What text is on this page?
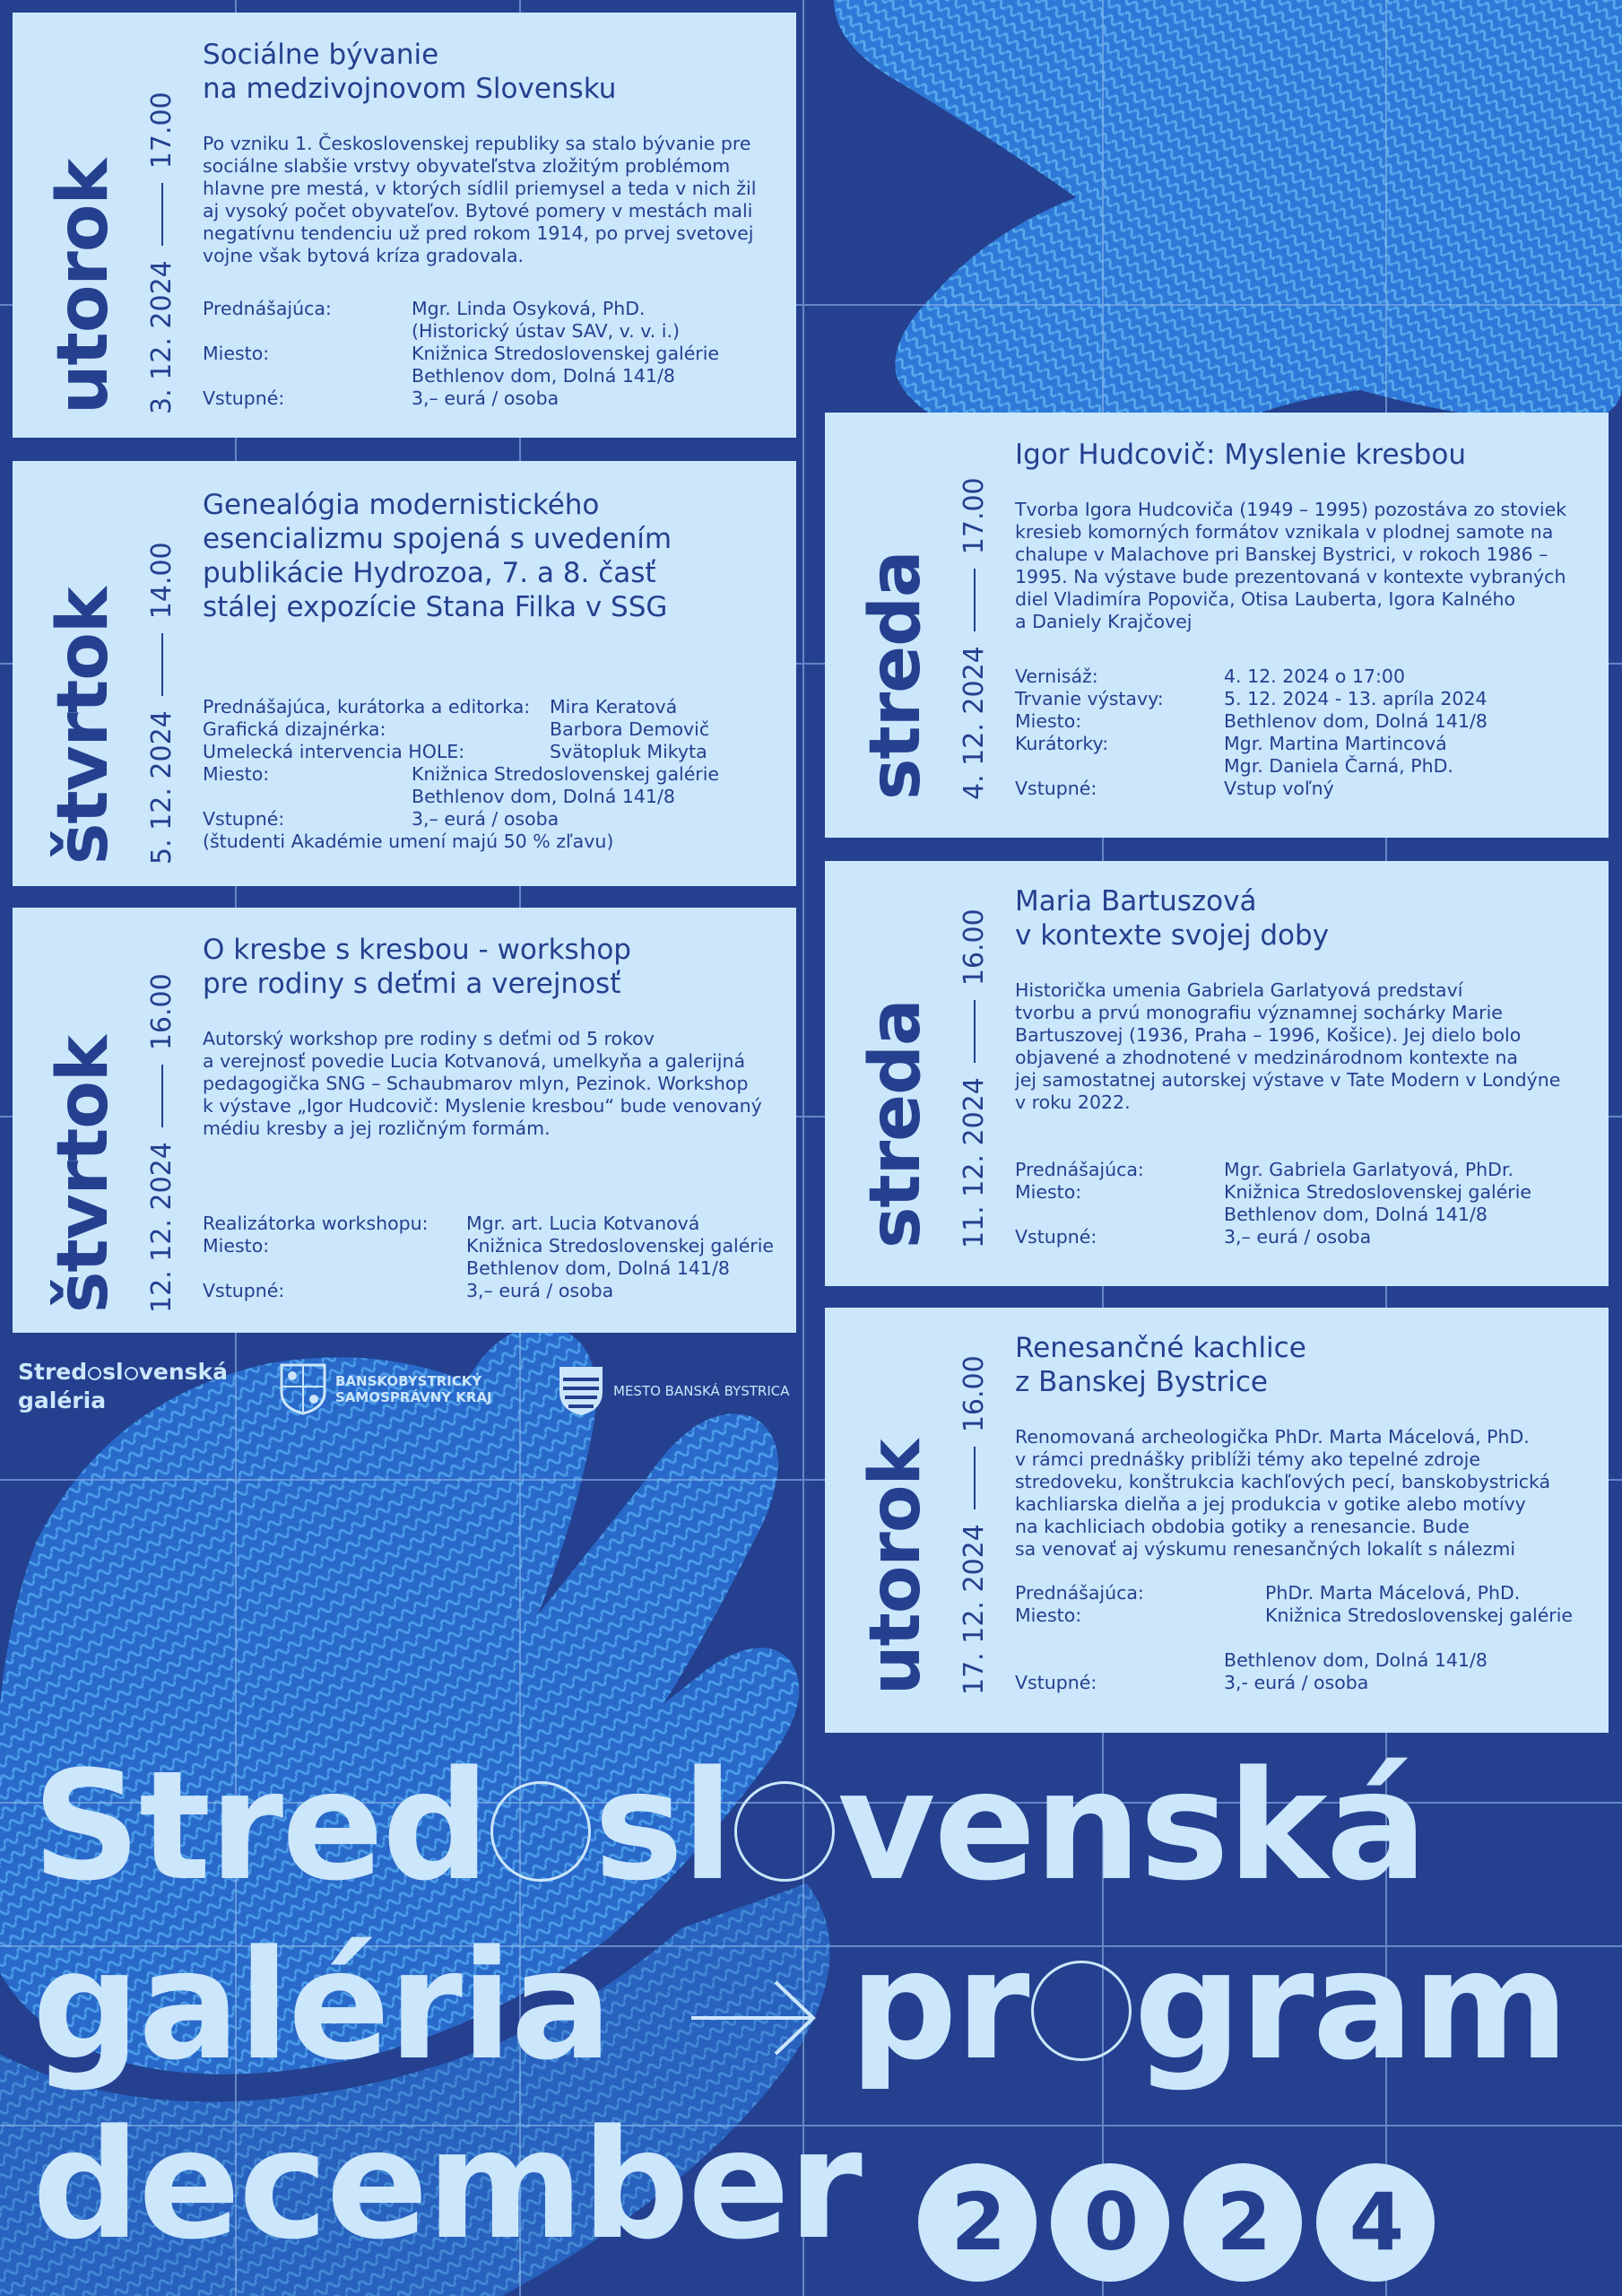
utorok 3. 12. 2024
17.00
Sociálne bývanie
na medzivojnovom Slovensku
Po vzniku 1. Československej republiky sa stalo bývanie pre
sociálne slabšie vrstvy obyvateľstva zložitým problémom
hlavne pre mestá, v ktorých sídlil priemysel a teda v nich žil
aj vysoký počet obyvateľov. Bytové pomery v mestách mali
negatívnu tendenciu už pred rokom 1914, po prvej svetovej
vojne však bytová kríza gradovala.
Prednášajúca:	Mgr. Linda Osyková, PhD.
(Historický ústav SAV, v. v. i.)
Miesto:	Knižnica Stredoslovenskej galérie
Bethlenov dom, Dolná 141/8
Vstupné:	3,– eurá / osoba
štvrtok 5. 12. 2024
14.00
Genealógia modernistického
esencializmu spojená s uvedením
publikácie Hydrozoa, 7. a 8. časť
stálej expozície Stana Filka v SSG
Prednášajúca, kurátorka a editorka: Mira Keratová
Grafická dizajnérka:	Barbora Demovič
Umelecká intervencia HOLE:	Svätopluk Mikyta
Miesto:	Knižnica Stredoslovenskej galérie
Bethlenov dom, Dolná 141/8
Vstupné:	3,– eurá / osoba
(študenti Akadémie umení majú 50 % zľavu)
štvrtok 12. 12. 2024
16.00
O kresbe s kresbou - workshop
pre rodiny s deťmi a verejnosť
Autorský workshop pre rodiny s deťmi od 5 rokov
a verejnosť povedie Lucia Kotvanová, umelkyňa a galerijná
pedagogička SNG – Schaubmarov mlyn, Pezinok. Workshop
k výstave „Igor Hudcovič: Myslenie kresbou“ bude venovaný
médiu kresby a jej rozličným formám.
Realizátorka workshopu: Mgr. art. Lucia Kotvanová
Miesto:	Knižnica Stredoslovenskej galérie
Bethlenov dom, Dolná 141/8
Vstupné:	3,– eurá / osoba
streda 4. 12. 2024
17.00
Igor Hudcovič: Myslenie kresbou
Tvorba Igora Hudcoviča (1949 – 1995) pozostáva zo stoviek
kresieb komorných formátov vznikala v plodnej samote na
chalupe v Malachove pri Banskej Bystrici, v rokoch 1986 –
1995. Na výstave bude prezentovaná v kontexte vybraných
diel Vladimíra Popoviča, Otisa Lauberta, Igora Kalného
a Daniely Krajčovej
Vernisáž:	4. 12. 2024 o 17:00
Trvanie výstavy:	5. 12. 2024 - 13. apríla 2024
Miesto:	Bethlenov dom, Dolná 141/8
Kurátorky:	Mgr. Martina Martincová
Mgr. Daniela Čarná, PhD.
Vstupné:	Vstup voľný
streda 11. 12. 2024
16.00
Maria Bartuszová
v kontexte svojej doby
Historička umenia Gabriela Garlatyová predstaví
tvorbu a prvú monografiu významnej sochárky Marie
Bartuszovej (1936, Praha – 1996, Košice). Jej dielo bolo
objavené a zhodnotené v medzinárodnom kontexte na
jej samostatnej autorskej výstave v Tate Modern v Londýne
v roku 2022.
Prednášajúca:	Mgr. Gabriela Garlatyová, PhDr.
Miesto:	Knižnica Stredoslovenskej galérie
Bethlenov dom, Dolná 141/8
Vstupné:	3,– eurá / osoba
utorok 17. 12. 2024
16.00
Renesančné kachlice
z Banskej Bystrice
Renomovaná archeologička PhDr. Marta Mácelová, PhD.
v rámci prednášky priblíži témy ako tepelné zdroje
stredoveku, konštrukcia kachľových pecí, banskobystrická
kachliarska dielňa a jej produkcia v gotike alebo motívy
na kachliciach obdobia gotiky a renesancie. Bude
sa venovať aj výskumu renesančných lokalít s nálezmi
Prednášajúca:	PhDr. Marta Mácelová, PhD.
Miesto:	Knižnica Stredoslovenskej galérie
Bethlenov dom, Dolná 141/8
Vstupné:	3,- eurá / osoba
Stred sl venská
galéria
BANSKOBYSTRICKÝ
SAMOSPRÁVNY KRAJ	MESTO BANSKÁ BYSTRICA
Stred sl venská
galéria pr gram
december 2 0 2 4
